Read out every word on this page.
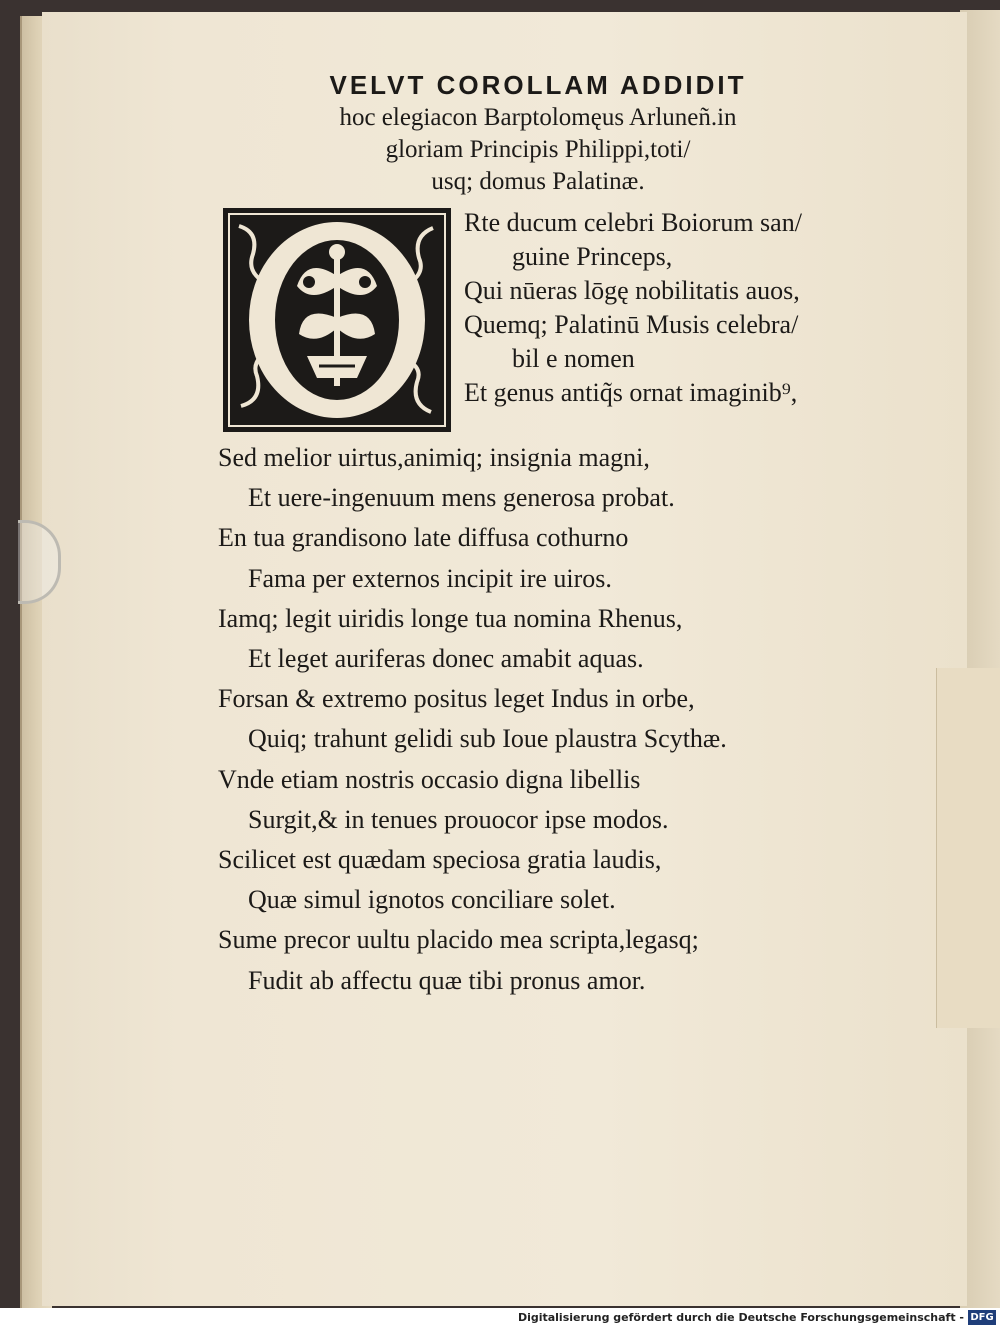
VELVT COROLLAM ADDIDIT

hoc elegiacon Barptolomęus Arluneñ.in

gloriam Principis Philippi,toti/

usq; domus Palatinæ.

Rte ducum celebri Boiorum san/

guine Princeps,

Qui nūeras lōgę nobilitatis auos,

Quemq; Palatinū Musis celebra/

bil e nomen

Et genus antiq̃s ornat imaginib⁹,

Sed melior uirtus,animiq; insignia magni,

Et uere-ingenuum mens generosa probat.

En tua grandisono late diffusa cothurno

Fama per externos incipit ire uiros.

Iamq; legit uiridis longe tua nomina Rhenus,

Et leget auriferas donec amabit aquas.

Forsan & extremo positus leget Indus in orbe,

Quiq; trahunt gelidi sub Ioue plaustra Scythæ.

Vnde etiam nostris occasio digna libellis

Surgit,& in tenues prouocor ipse modos.

Scilicet est quædam speciosa gratia laudis,

Quæ simul ignotos conciliare solet.

Sume precor uultu placido mea scripta,legasq;

Fudit ab affectu quæ tibi pronus amor.

Digitalisierung gefördert durch die Deutsche Forschungsgemeinschaft - DFG
